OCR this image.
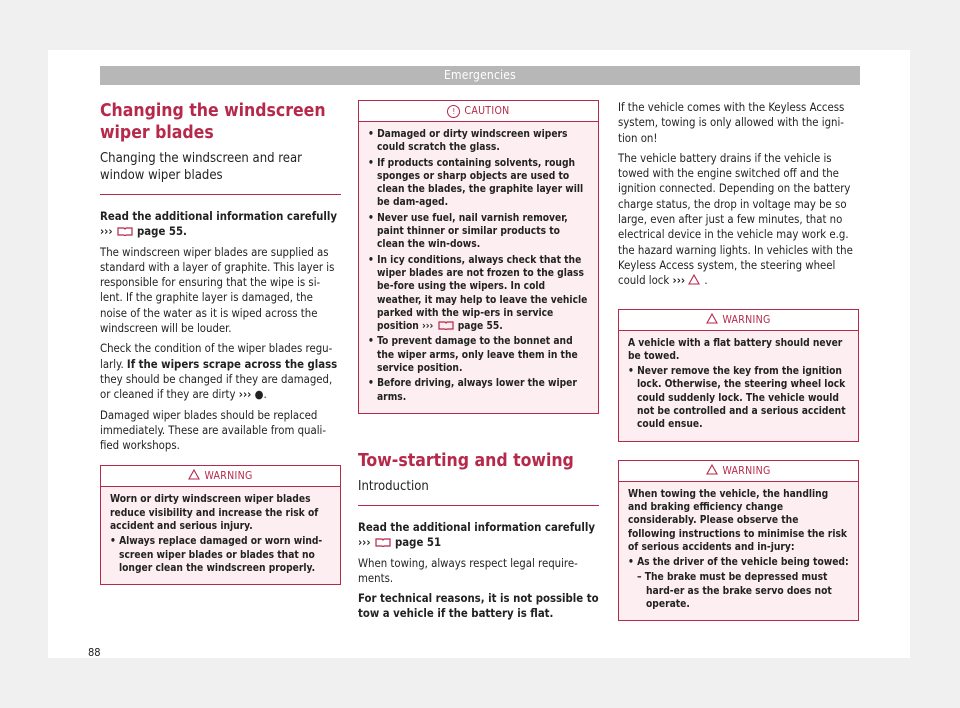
Emergencies
Changing the windscreen wiper blades
Changing the windscreen and rear window wiper blades

Read the additional information carefully
››› page 55.

The windscreen wiper blades are supplied as standard with a layer of graphite. This layer is responsible for ensuring that the wipe is si-lent. If the graphite layer is damaged, the noise of the water as it is wiped across the windscreen will be louder.

Check the condition of the wiper blades regu-larly. If the wipers scrape across the glass they should be changed if they are damaged, or cleaned if they are dirty ››› ●.

Damaged wiper blades should be replaced immediately. These are available from quali-fied workshops.

WARNING

Worn or dirty windscreen wiper blades reduce visibility and increase the risk of accident and serious injury.

• Always replace damaged or worn wind-screen wiper blades or blades that no longer clean the windscreen properly.

! CAUTION

• Damaged or dirty windscreen wipers could scratch the glass.

• If products containing solvents, rough sponges or sharp objects are used to clean the blades, the graphite layer will be dam-aged.

• Never use fuel, nail varnish remover, paint thinner or similar products to clean the win-dows.

• In icy conditions, always check that the wiper blades are not frozen to the glass be-fore using the wipers. In cold weather, it may help to leave the vehicle parked with the wip-ers in service position ›››  page 55.

• To prevent damage to the bonnet and the wiper arms, only leave them in the service position.

• Before driving, always lower the wiper arms.

Tow-starting and towing
Introduction

Read the additional information carefully
››› page 51

When towing, always respect legal require-ments.

For technical reasons, it is not possible to tow a vehicle if the battery is flat.

If the vehicle comes with the Keyless Access system, towing is only allowed with the igni-tion on!

The vehicle battery drains if the vehicle is towed with the engine switched off and the ignition connected. Depending on the battery charge status, the drop in voltage may be so large, even after just a few minutes, that no electrical device in the vehicle may work e.g. the hazard warning lights. In vehicles with the Keyless Access system, the steering wheel could lock ››› .

WARNING

A vehicle with a flat battery should never be towed.

• Never remove the key from the ignition lock. Otherwise, the steering wheel lock could suddenly lock. The vehicle would not be controlled and a serious accident could ensue.

WARNING

When towing the vehicle, the handling and braking efficiency change considerably. Please observe the following instructions to minimise the risk of serious accidents and in-jury:

• As the driver of the vehicle being towed:

– The brake must be depressed must hard-er as the brake servo does not operate.

88
